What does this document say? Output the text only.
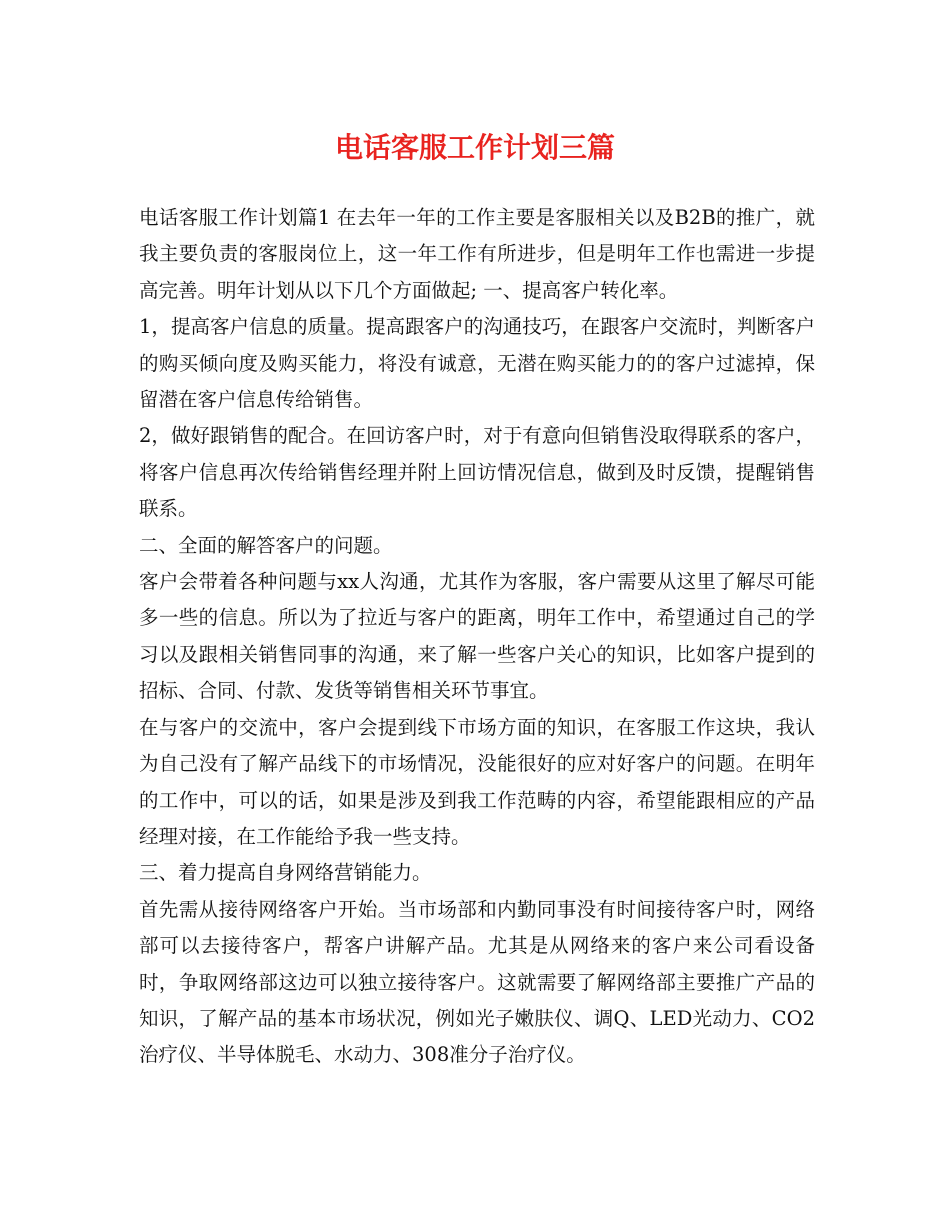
电话客服工作计划三篇

电话客服工作计划篇1 在去年一年的工作主要是客服相关以及B2B的推广，就我主要负责的客服岗位上，这一年工作有所进步，但是明年工作也需进一步提高完善。明年计划从以下几个方面做起; 一、提高客户转化率。

1，提高客户信息的质量。提高跟客户的沟通技巧，在跟客户交流时，判断客户的购买倾向度及购买能力，将没有诚意，无潜在购买能力的的客户过滤掉，保留潜在客户信息传给销售。

2，做好跟销售的配合。在回访客户时，对于有意向但销售没取得联系的客户，将客户信息再次传给销售经理并附上回访情况信息，做到及时反馈，提醒销售联系。

二、全面的解答客户的问题。

客户会带着各种问题与xx人沟通，尤其作为客服，客户需要从这里了解尽可能多一些的信息。所以为了拉近与客户的距离，明年工作中，希望通过自己的学习以及跟相关销售同事的沟通，来了解一些客户关心的知识，比如客户提到的招标、合同、付款、发货等销售相关环节事宜。

在与客户的交流中，客户会提到线下市场方面的知识，在客服工作这块，我认为自己没有了解产品线下的市场情况，没能很好的应对好客户的问题。在明年的工作中，可以的话，如果是涉及到我工作范畴的内容，希望能跟相应的产品经理对接，在工作能给予我一些支持。

三、着力提高自身网络营销能力。

首先需从接待网络客户开始。当市场部和内勤同事没有时间接待客户时，网络部可以去接待客户，帮客户讲解产品。尤其是从网络来的客户来公司看设备时，争取网络部这边可以独立接待客户。这就需要了解网络部主要推广产品的知识，了解产品的基本市场状况，例如光子嫩肤仪、调Q、LED光动力、CO2治疗仪、半导体脱毛、水动力、308准分子治疗仪。
